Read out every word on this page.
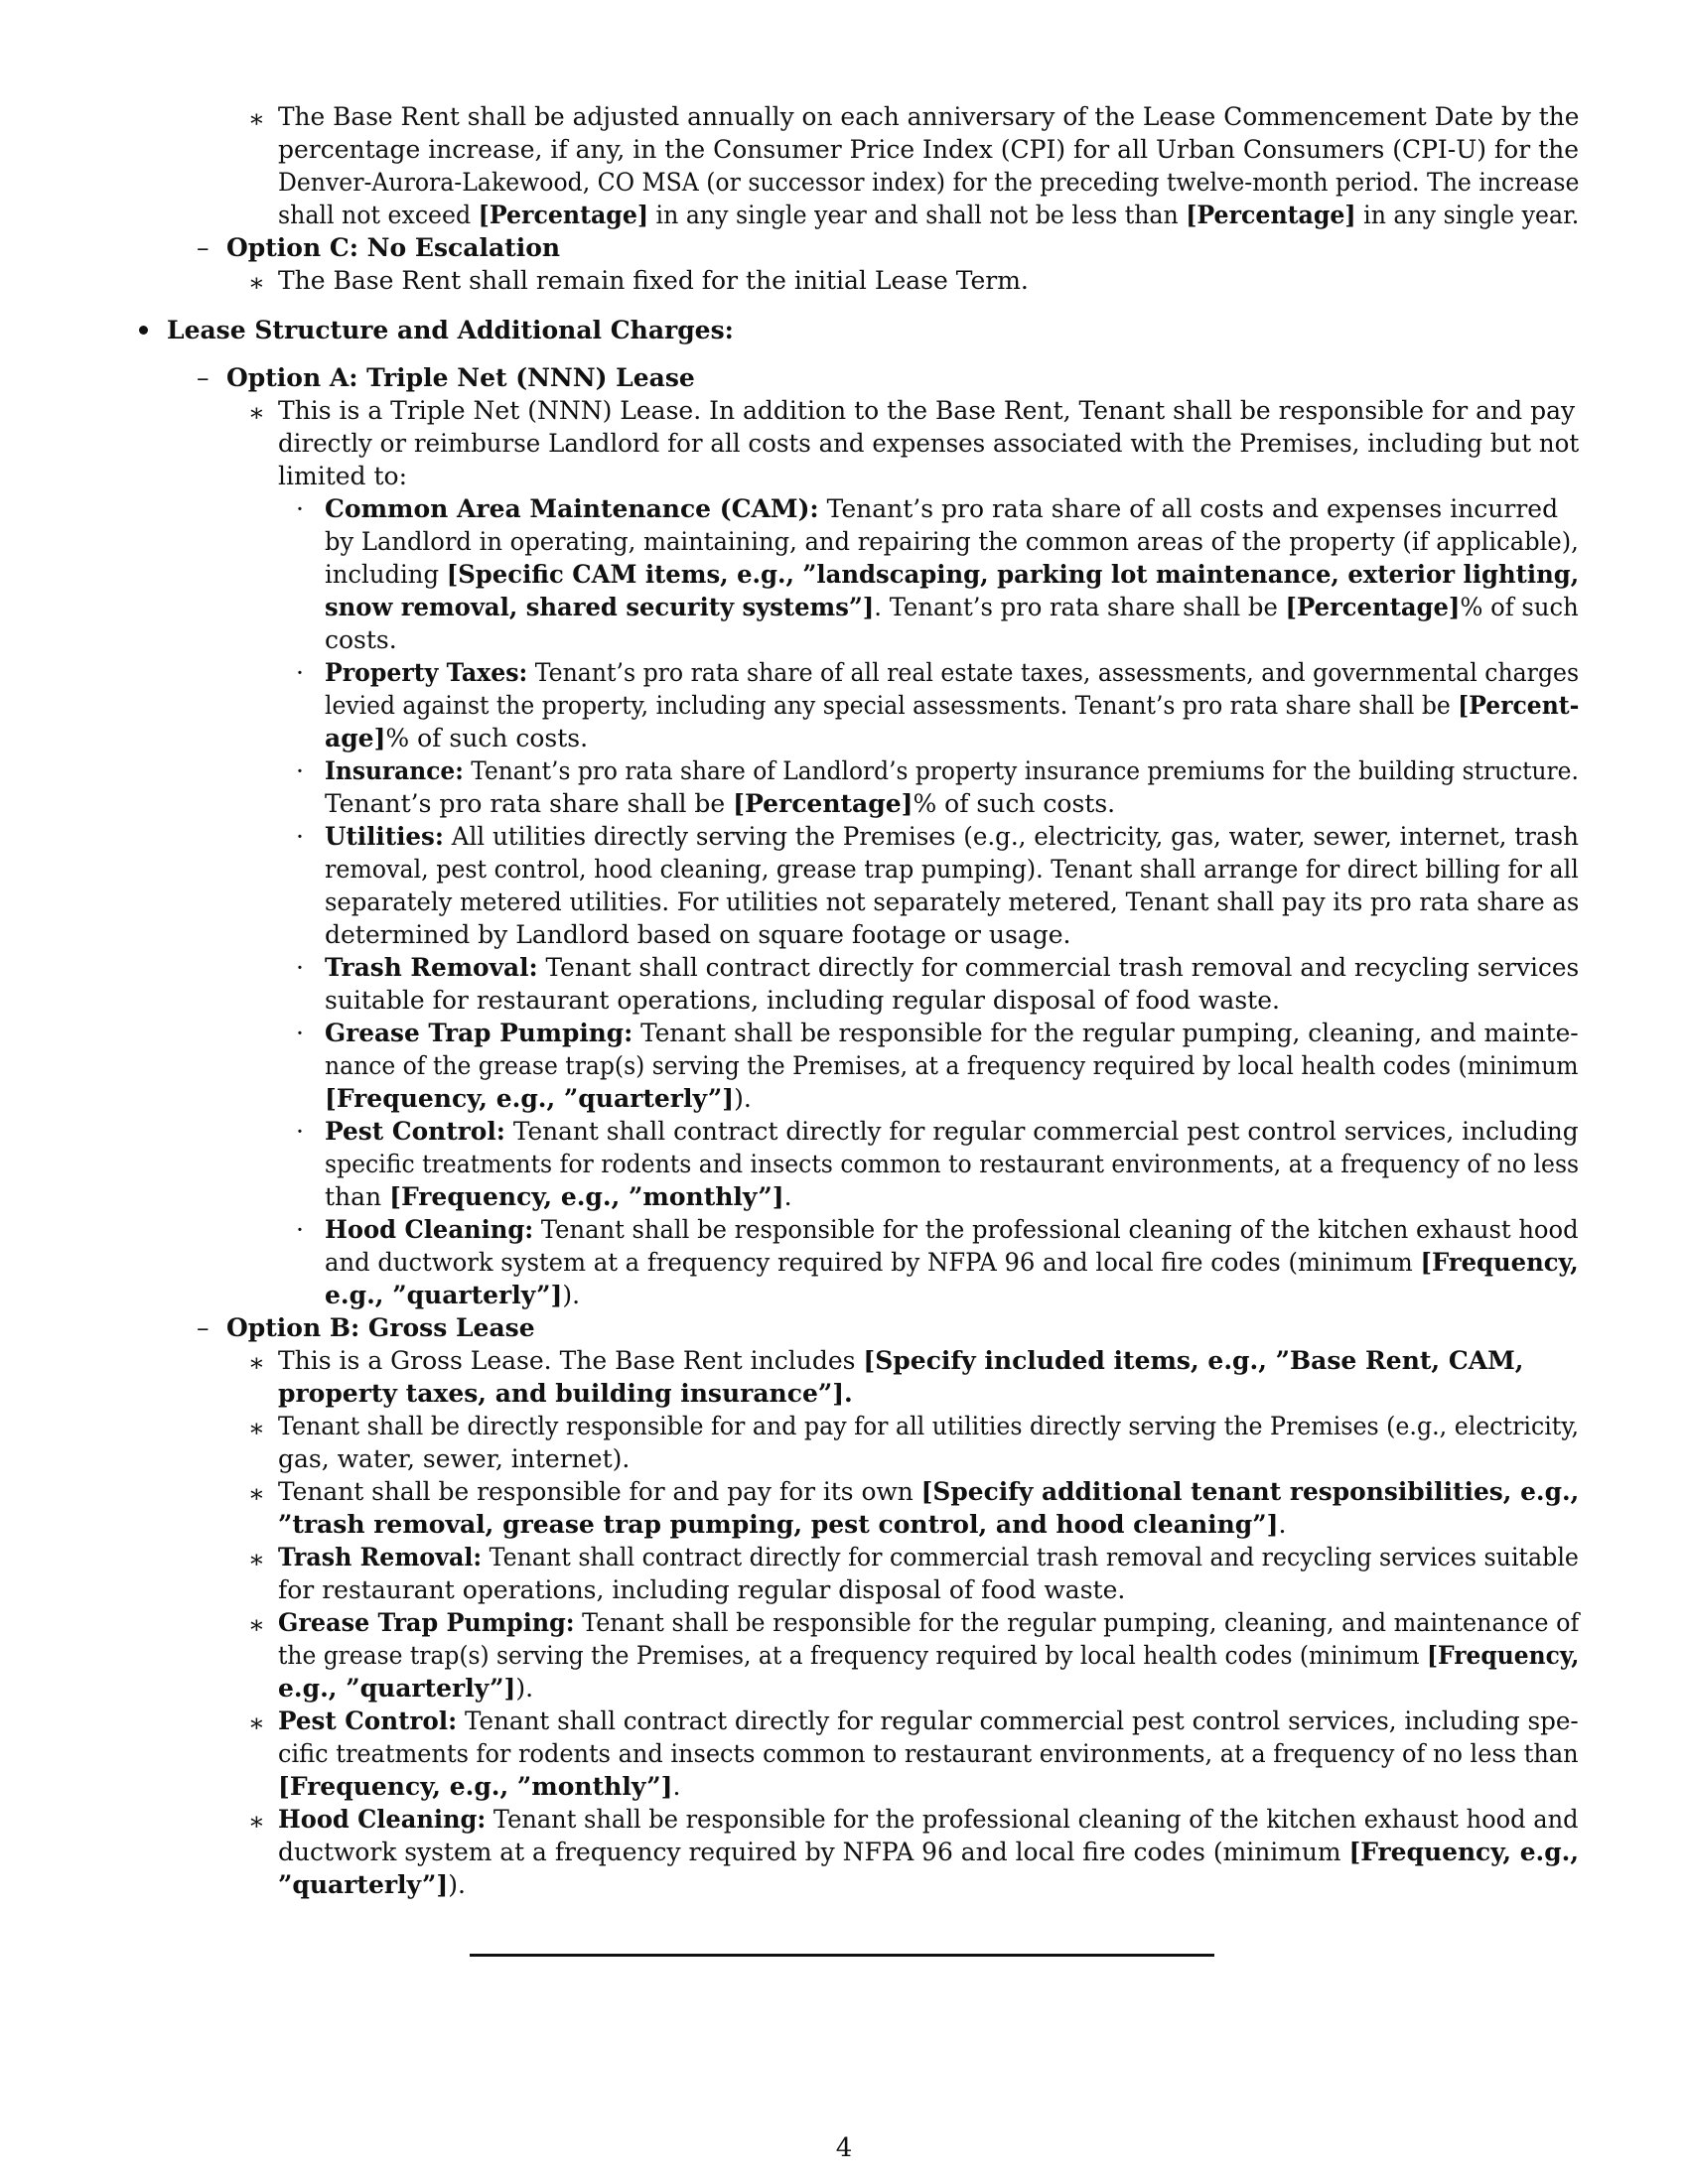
∗ The Base Rent shall be adjusted annually on each anniversary of the Lease Commencement Date by the
percentage increase, if any, in the Consumer Price Index (CPI) for all Urban Consumers (CPI-U) for the
Denver-Aurora-Lakewood, CO MSA (or successor index) for the preceding twelve-month period. The increase
shall not exceed [Percentage] in any single year and shall not be less than [Percentage] in any single year.
– Option C: No Escalation
∗ The Base Rent shall remain fixed for the initial Lease Term.
Lease Structure and Additional Charges:
– Option A: Triple Net (NNN) Lease
∗ This is a Triple Net (NNN) Lease. In addition to the Base Rent, Tenant shall be responsible for and pay
directly or reimburse Landlord for all costs and expenses associated with the Premises, including but not
limited to:
· Common Area Maintenance (CAM): Tenant’s pro rata share of all costs and expenses incurred
by Landlord in operating, maintaining, and repairing the common areas of the property (if applicable),
including [Specific CAM items, e.g., ”landscaping, parking lot maintenance, exterior lighting,
snow removal, shared security systems”]. Tenant’s pro rata share shall be [Percentage]% of such
costs.
· Property Taxes: Tenant’s pro rata share of all real estate taxes, assessments, and governmental charges
levied against the property, including any special assessments. Tenant’s pro rata share shall be [Percent-
age]% of such costs.
· Insurance: Tenant’s pro rata share of Landlord’s property insurance premiums for the building structure.
Tenant’s pro rata share shall be [Percentage]% of such costs.
· Utilities: All utilities directly serving the Premises (e.g., electricity, gas, water, sewer, internet, trash
removal, pest control, hood cleaning, grease trap pumping). Tenant shall arrange for direct billing for all
separately metered utilities. For utilities not separately metered, Tenant shall pay its pro rata share as
determined by Landlord based on square footage or usage.
· Trash Removal: Tenant shall contract directly for commercial trash removal and recycling services
suitable for restaurant operations, including regular disposal of food waste.
· Grease Trap Pumping: Tenant shall be responsible for the regular pumping, cleaning, and mainte-
nance of the grease trap(s) serving the Premises, at a frequency required by local health codes (minimum
[Frequency, e.g., ”quarterly”]).
· Pest Control: Tenant shall contract directly for regular commercial pest control services, including
specific treatments for rodents and insects common to restaurant environments, at a frequency of no less
than [Frequency, e.g., ”monthly”].
· Hood Cleaning: Tenant shall be responsible for the professional cleaning of the kitchen exhaust hood
and ductwork system at a frequency required by NFPA 96 and local fire codes (minimum [Frequency,
e.g., ”quarterly”]).
– Option B: Gross Lease
∗ This is a Gross Lease. The Base Rent includes [Specify included items, e.g., ”Base Rent, CAM,
property taxes, and building insurance”].
∗ Tenant shall be directly responsible for and pay for all utilities directly serving the Premises (e.g., electricity,
gas, water, sewer, internet).
∗ Tenant shall be responsible for and pay for its own [Specify additional tenant responsibilities, e.g.,
”trash removal, grease trap pumping, pest control, and hood cleaning”].
∗ Trash Removal: Tenant shall contract directly for commercial trash removal and recycling services suitable
for restaurant operations, including regular disposal of food waste.
∗ Grease Trap Pumping: Tenant shall be responsible for the regular pumping, cleaning, and maintenance of
the grease trap(s) serving the Premises, at a frequency required by local health codes (minimum [Frequency,
e.g., ”quarterly”]).
∗ Pest Control: Tenant shall contract directly for regular commercial pest control services, including spe-
cific treatments for rodents and insects common to restaurant environments, at a frequency of no less than
[Frequency, e.g., ”monthly”].
∗ Hood Cleaning: Tenant shall be responsible for the professional cleaning of the kitchen exhaust hood and
ductwork system at a frequency required by NFPA 96 and local fire codes (minimum [Frequency, e.g.,
”quarterly”]).
4
